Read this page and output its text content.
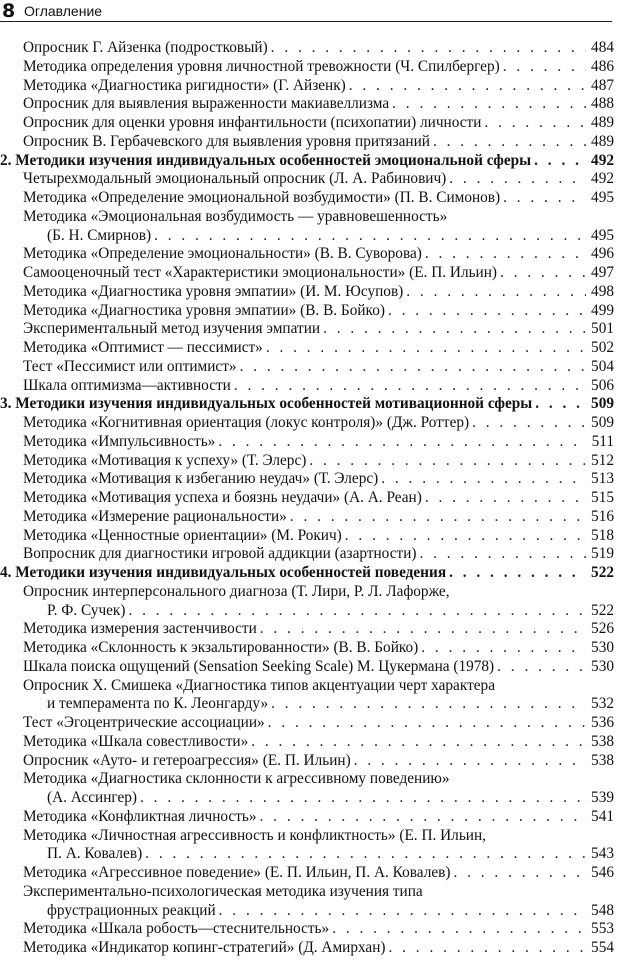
8 Оглавление
Опросник Г. Айзенка (подростковый) . . .	484
Методика определения уровня личностной тревожности (Ч. Спилбергер) . . .	486
Методика «Диагностика ригидности» (Г. Айзенк) . . .	487
Опросник для выявления выраженности макиавеллизма . . .	488
Опросник для оценки уровня инфантильности (психопатии) личности . . .	489
Опросник В. Гербачевского для выявления уровня притязаний . . .	489
2. Методики изучения индивидуальных особенностей эмоциональной сферы . . .	492
Четырехмодальный эмоциональный опросник (Л. А. Рабинович) . . .	492
Методика «Определение эмоциональной возбудимости» (П. В. Симонов) . . .	495
Методика «Эмоциональная возбудимость — уравновешенность»
(Б. Н. Смирнов) . . .	495
Методика «Определение эмоциональности» (В. В. Суворова) . . .	496
Самооценочный тест «Характеристики эмоциональности» (Е. П. Ильин) . . .	497
Методика «Диагностика уровня эмпатии» (И. М. Юсупов) . . .	498
Методика «Диагностика уровня эмпатии» (В. В. Бойко) . . .	499
Экспериментальный метод изучения эмпатии . . .	501
Методика «Оптимист — пессимист» . . .	502
Тест «Пессимист или оптимист» . . .	504
Шкала оптимизма—активности . . .	506
3. Методики изучения индивидуальных особенностей мотивационной сферы . . .	509
Методика «Когнитивная ориентация (локус контроля)» (Дж. Роттер) . . .	509
Методика «Импульсивность» . . .	511
Методика «Мотивация к успеху» (Т. Элерс) . . .	512
Методика «Мотивация к избеганию неудач» (Т. Элерс) . . .	513
Методика «Мотивация успеха и боязнь неудачи» (А. А. Реан) . . .	515
Методика «Измерение рациональности» . . .	516
Методика «Ценностные ориентации» (М. Рокич) . . .	518
Вопросник для диагностики игровой аддикции (азартности) . . .	519
4. Методики изучения индивидуальных особенностей поведения . . .	522
Опросник интерперсонального диагноза (Т. Лири, Р. Л. Лафорже,
Р. Ф. Сучек) . . .	522
Методика измерения застенчивости . . .	526
Методика «Склонность к экзальтированности» (В. В. Бойко) . . .	530
Шкала поиска ощущений (Sensation Seeking Scale) М. Цукермана (1978) . . .	530
Опросник Х. Смишека «Диагностика типов акцентуации черт характера
и темперамента по К. Леонгарду» . . .	532
Тест «Эгоцентрические ассоциации» . . .	536
Методика «Шкала совестливости» . . .	538
Опросник «Ауто- и гетероагрессия» (Е. П. Ильин) . . .	538
Методика «Диагностика склонности к агрессивному поведению»
(А. Ассингер) . . .	539
Методика «Конфликтная личность» . . .	541
Методика «Личностная агрессивность и конфликтность» (Е. П. Ильин,
П. А. Ковалев) . . .	543
Методика «Агрессивное поведение» (Е. П. Ильин, П. А. Ковалев) . . .	546
Экспериментально-психологическая методика изучения типа
фрустрационных реакций . . .	548
Методика «Шкала робость—стеснительность» . . .	553
Методика «Индикатор копинг-стратегий» (Д. Амирхан) . . .	554
